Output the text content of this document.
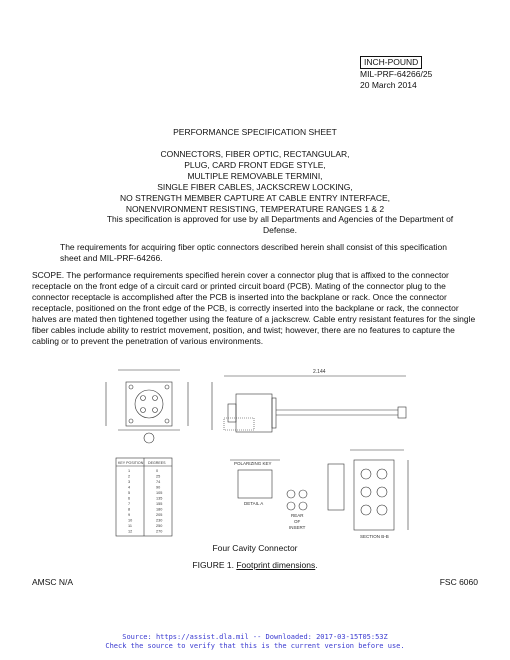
INCH-POUND
MIL-PRF-64266/25
20 March 2014
PERFORMANCE SPECIFICATION SHEET
CONNECTORS, FIBER OPTIC, RECTANGULAR,
PLUG, CARD FRONT EDGE STYLE,
MULTIPLE REMOVABLE TERMINI,
SINGLE FIBER CABLES, JACKSCREW LOCKING,
NO STRENGTH MEMBER CAPTURE AT CABLE ENTRY INTERFACE,
NONENVIRONMENT RESISTING, TEMPERATURE RANGES 1 & 2
This specification is approved for use by all Departments and Agencies of the Department of Defense.
The requirements for acquiring fiber optic connectors described herein shall consist of this specification sheet and MIL-PRF-64266.
SCOPE. The performance requirements specified herein cover a connector plug that is affixed to the connector receptacle on the front edge of a circuit card or printed circuit board (PCB). Mating of the connector plug to the connector receptacle is accomplished after the PCB is inserted into the backplane or rack. Once the connector receptacle, positioned on the front edge of the PCB, is correctly inserted into the backplane or rack, the connector halves are mated then tightened together using the feature of a jackscrew. Cable entry resistant features for the single fiber cables include ability to restrict movement, position, and twist; however, there are no features to capture the cabling or to prevent the penetration of various environments.
2.144
POLARIZING KEY
DETAIL A
REAR
OF
INSERT
SECTION B-B
KEY POSITION DEGREES
1	0
2	25
3	74
4	90
5	105
6	135
7	155
8	180
9	205
10	230
11	250
12	270
Four Cavity Connector
FIGURE 1. Footprint dimensions.
AMSC N/A	FSC 6060
Source: https://assist.dla.mil -- Downloaded: 2017-03-15T05:53Z
Check the source to verify that this is the current version before use.
